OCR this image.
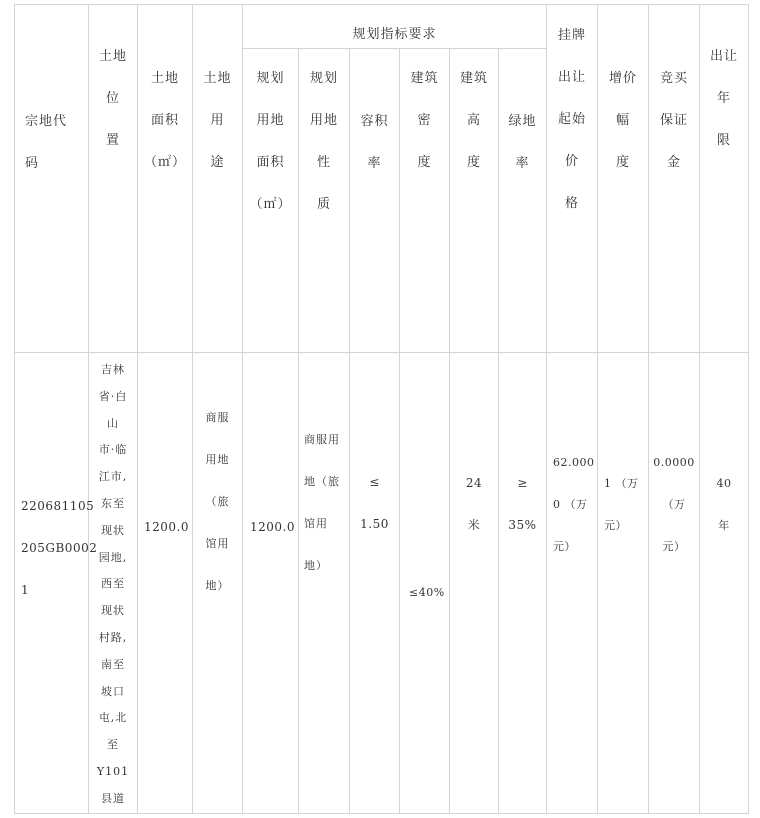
宗地代

码
土地

位

置
土地

面积

（㎡）
土地

用

途
规划指标要求
规划

用地

面积

（㎡）
规划

用地

性

质
容积

率
建筑

密

度
建筑

高

度
绿地

率
挂牌

出让

起始

价

格
增价

幅

度
竞买

保证

金
出让

年

限
220681105

205GB0002

1
吉林
省·白
山
市·临
江市,
东至
现状
园地,
西至
现状
村路,
南至
坡口
屯,北
至
Y101
县道
1200.0
商服

用地

（旅

馆用

地）
1200.0
商服用

地（旅

馆用

地）
≤

1.50
≤40%
24

米
≥

35%
62.000

0 （万

元）
1 （万

元）
0.0000

（万

元）
40

年
